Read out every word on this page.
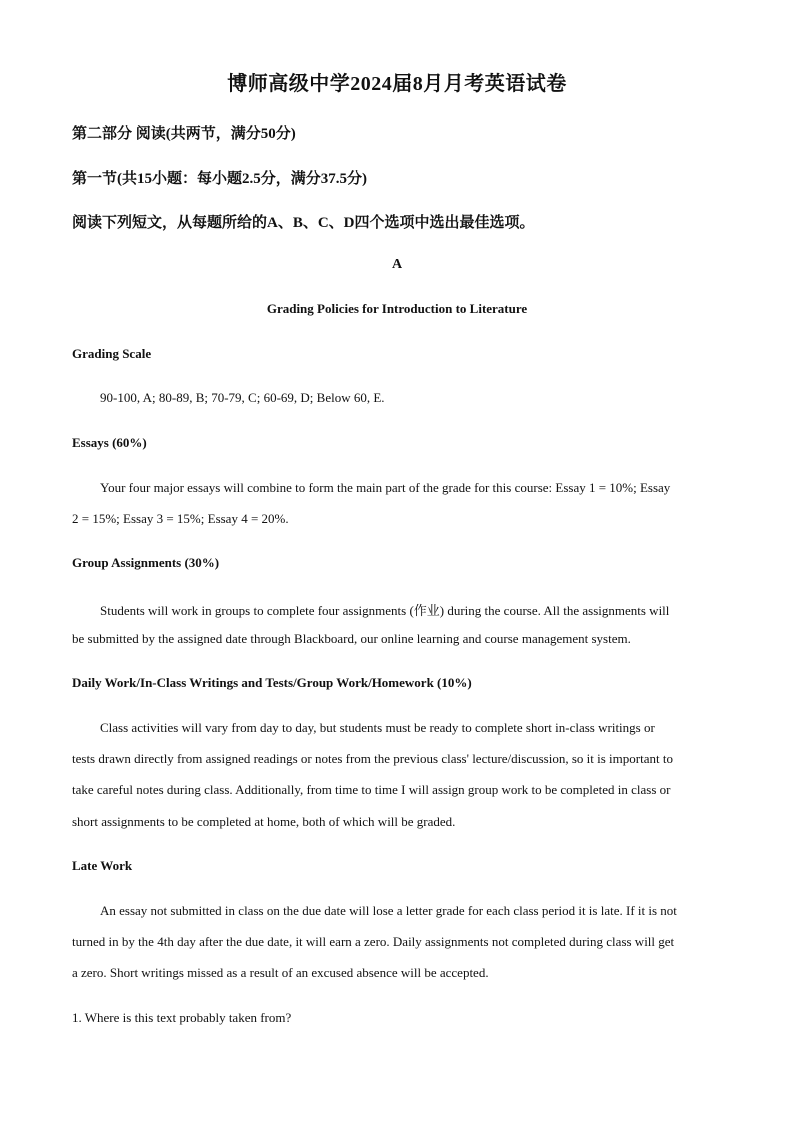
博师高级中学2024届8月月考英语试卷
第二部分 阅读(共两节，满分50分)
第一节(共15小题：每小题2.5分，满分37.5分)
阅读下列短文，从每题所给的A、B、C、D四个选项中选出最佳选项。
A
Grading Policies for Introduction to Literature
Grading Scale
90-100, A; 80-89, B; 70-79, C; 60-69, D; Below 60, E.
Essays (60%)
Your four major essays will combine to form the main part of the grade for this course: Essay 1 = 10%; Essay
2 = 15%; Essay 3 = 15%; Essay 4 = 20%.
Group Assignments (30%)
Students will work in groups to complete four assignments (作业) during the course. All the assignments will
be submitted by the assigned date through Blackboard, our online learning and course management system.
Daily Work/In-Class Writings and Tests/Group Work/Homework (10%)
Class activities will vary from day to day, but students must be ready to complete short in-class writings or
tests drawn directly from assigned readings or notes from the previous class' lecture/discussion, so it is important to
take careful notes during class. Additionally, from time to time I will assign group work to be completed in class or
short assignments to be completed at home, both of which will be graded.
Late Work
An essay not submitted in class on the due date will lose a letter grade for each class period it is late. If it is not
turned in by the 4th day after the due date, it will earn a zero. Daily assignments not completed during class will get
a zero. Short writings missed as a result of an excused absence will be accepted.
1. Where is this text probably taken from?
